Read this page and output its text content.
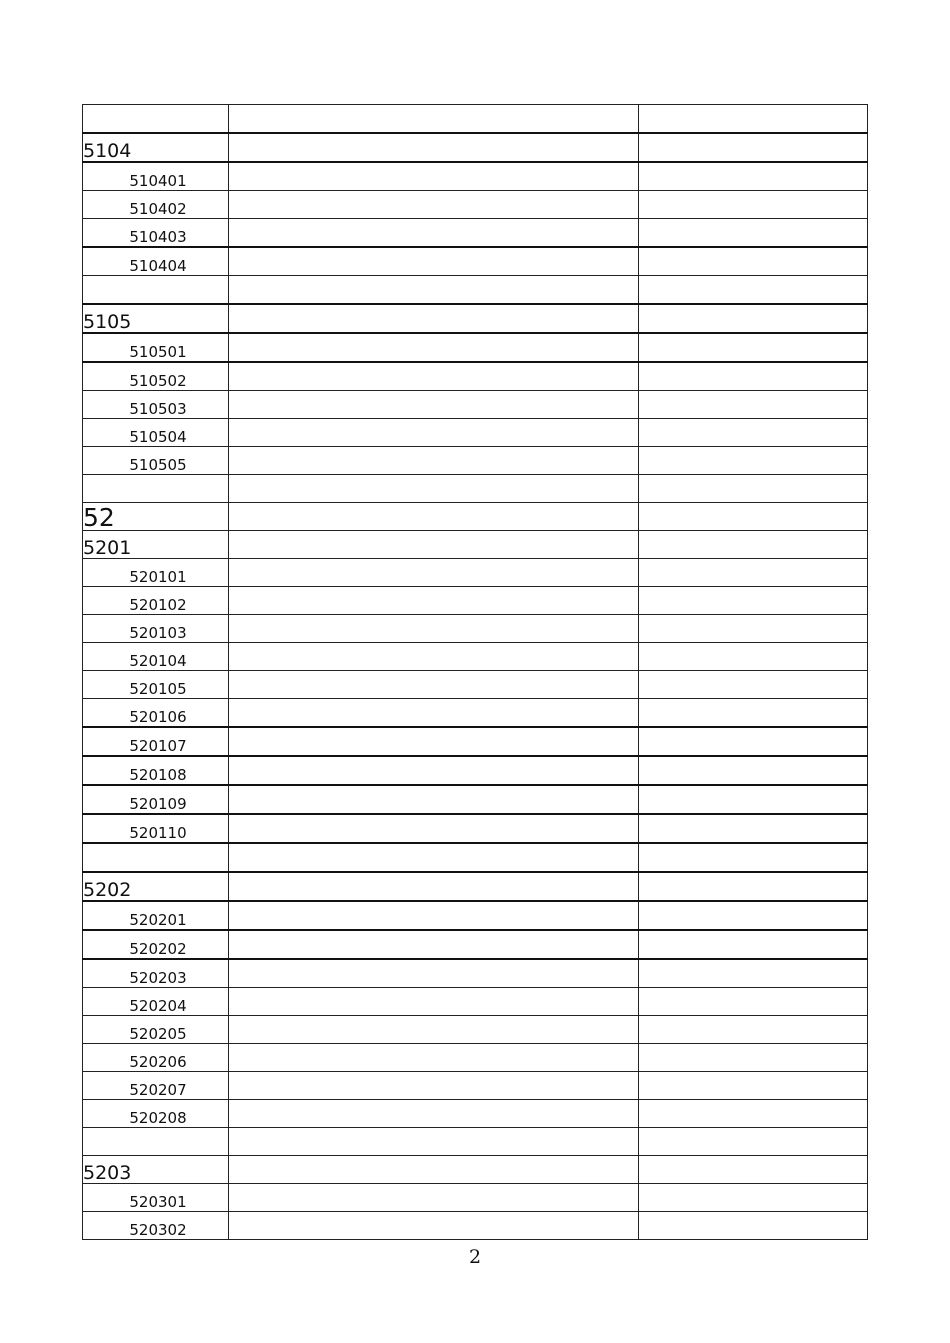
5104		
510401		
510402		
510403		
510404		

5105		
510501		
510502		
510503		
510504		
510505		

52		
5201		
520101		
520102		
520103		
520104		
520105		
520106		
520107		
520108		
520109		
520110		

5202		
520201		
520202		
520203		
520204		
520205		
520206		
520207		
520208		

5203		
520301		
520302		
2
